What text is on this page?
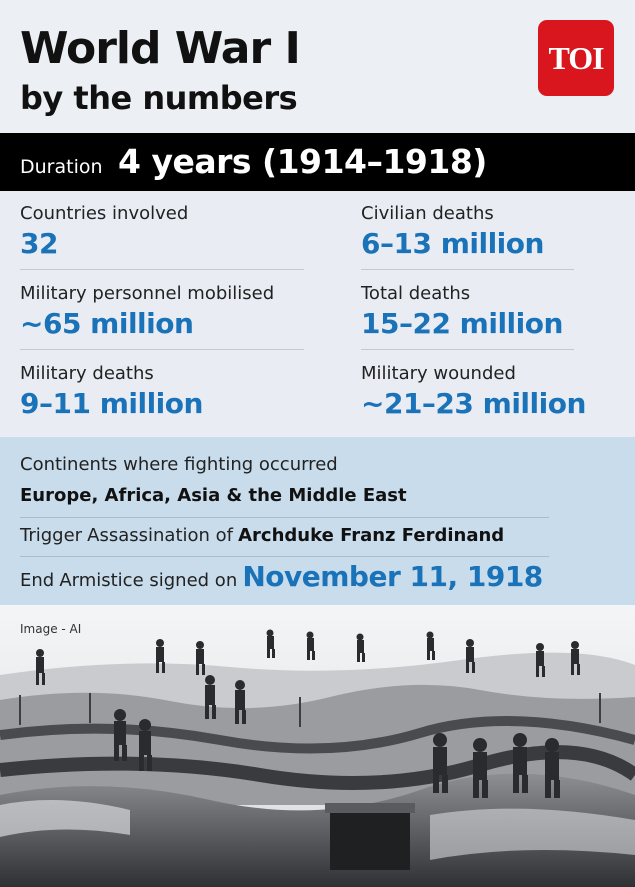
World War I
by the numbers
TOI
Duration 4 years (1914–1918)
Countries involved
32
Civilian deaths
6–13 million
Military personnel mobilised
~65 million
Total deaths
15–22 million
Military deaths
9–11 million
Military wounded
~21–23 million
Continents where fighting occurred
Europe, Africa, Asia & the Middle East
Trigger Assassination of Archduke Franz Ferdinand
End Armistice signed on November 11, 1918
Image - AI
